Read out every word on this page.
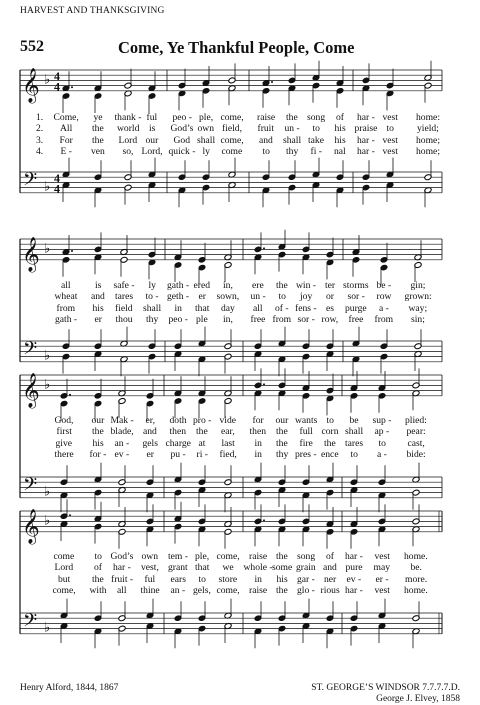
HARVEST AND THANKSGIVING
552	Come, Ye Thankful People, Come
𝄞
𝄢
♭
♭
4
4
4
4
1. Come, ye thank - ful peo - ple, come, raise the song of har - vest home:
2. All the world is God’s own field, fruit un - to his praise to yield;
3. For the Lord our God shall come, and shall take his har - vest home;
4. E - ven so, Lord, quick - ly come to thy fi - nal har - vest home;
𝄞
𝄢
♭
♭
all	is safe - ly gath - ered in, ere the win - ter storms be - gin;
wheat and tares to - geth - er sown, un - to joy or sor - row grown:
from his field shall in that day all of - fens - es purge a - way;
gath - er thou thy peo - ple in, free from sor - row, free from sin;
𝄞
𝄢
♭
♭
God, our Mak - er, doth pro - vide for our wants to be sup - plied:
first the blade, and then the ear, then the full corn shall ap - pear:
give his an - gels charge at last in the fire the tares to cast,
there for - ev - er pu - ri - fied, in thy pres - ence to a - bide:
𝄞
𝄢
♭
♭
come to God’s own tem - ple, come, raise the song of har - vest home.
Lord of har - vest, grant that we whole - some grain and pure may be.
but the fruit - ful ears to store in his gar - ner ev - er - more.
come, with all thine an - gels, come, raise the glo - rious har - vest home.
Henry Alford, 1844, 1867	ST. GEORGE’S WINDSOR 7.7.7.7.D.
George J. Elvey, 1858
